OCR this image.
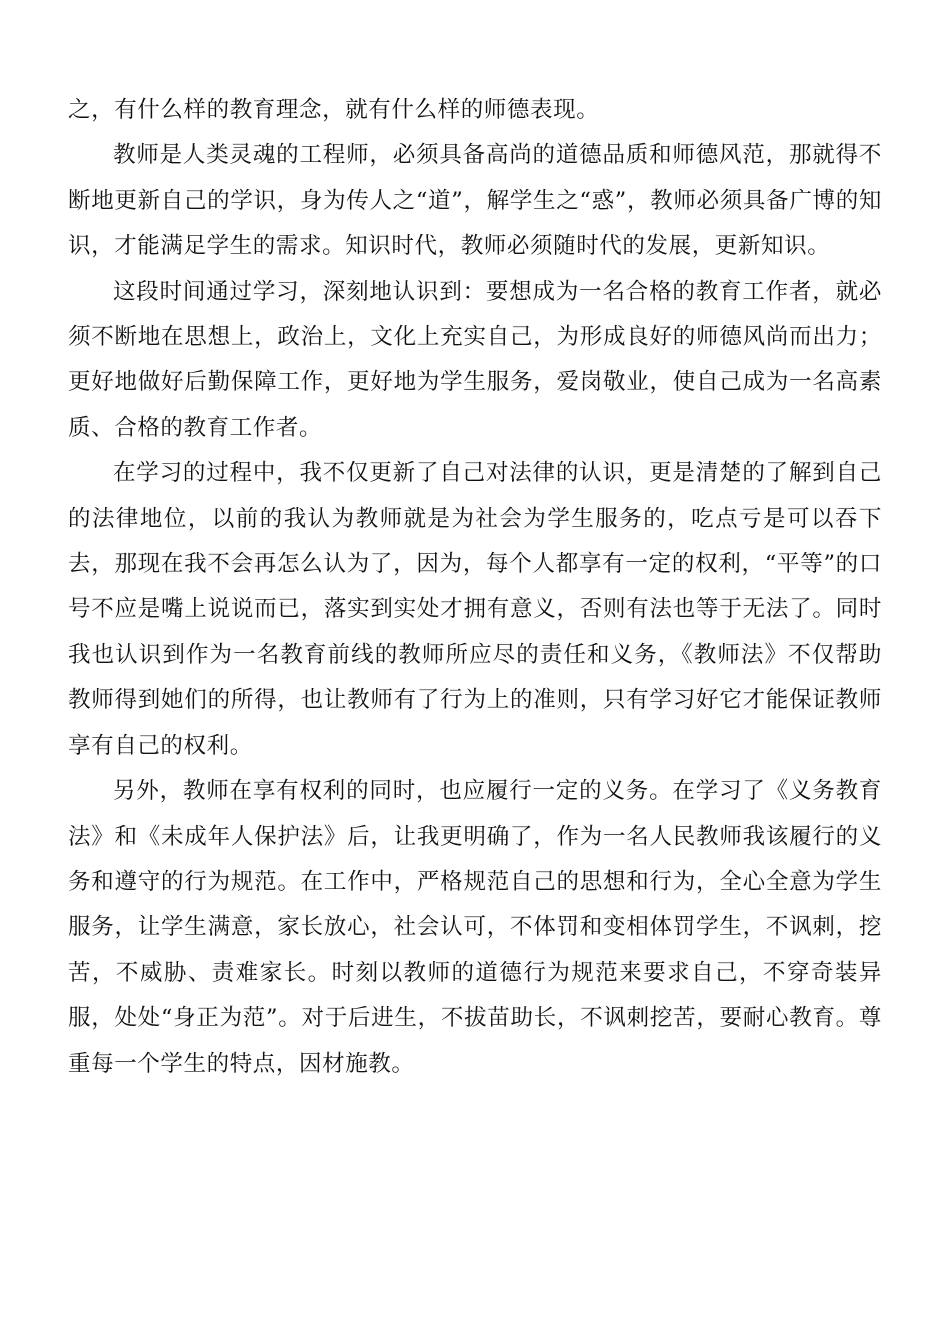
之，有什么样的教育理念，就有什么样的师德表现。

教师是人类灵魂的工程师，必须具备高尚的道德品质和师德风范，那就得不断地更新自己的学识，身为传人之“道”，解学生之“惑”，教师必须具备广博的知识，才能满足学生的需求。知识时代，教师必须随时代的发展，更新知识。

这段时间通过学习，深刻地认识到：要想成为一名合格的教育工作者，就必须不断地在思想上，政治上，文化上充实自己，为形成良好的师德风尚而出力；更好地做好后勤保障工作，更好地为学生服务，爱岗敬业，使自己成为一名高素质、合格的教育工作者。

在学习的过程中，我不仅更新了自己对法律的认识，更是清楚的了解到自己的法律地位，以前的我认为教师就是为社会为学生服务的，吃点亏是可以吞下去，那现在我不会再怎么认为了，因为，每个人都享有一定的权利，“平等”的口号不应是嘴上说说而已，落实到实处才拥有意义，否则有法也等于无法了。同时我也认识到作为一名教育前线的教师所应尽的责任和义务，《教师法》不仅帮助教师得到她们的所得，也让教师有了行为上的准则，只有学习好它才能保证教师享有自己的权利。

另外，教师在享有权利的同时，也应履行一定的义务。在学习了《义务教育法》和《未成年人保护法》后，让我更明确了，作为一名人民教师我该履行的义务和遵守的行为规范。在工作中，严格规范自己的思想和行为，全心全意为学生服务，让学生满意，家长放心，社会认可，不体罚和变相体罚学生，不讽刺，挖苦，不威胁、责难家长。时刻以教师的道德行为规范来要求自己，不穿奇装异服，处处“身正为范”。对于后进生，不拔苗助长，不讽刺挖苦，要耐心教育。尊重每一个学生的特点，因材施教。
